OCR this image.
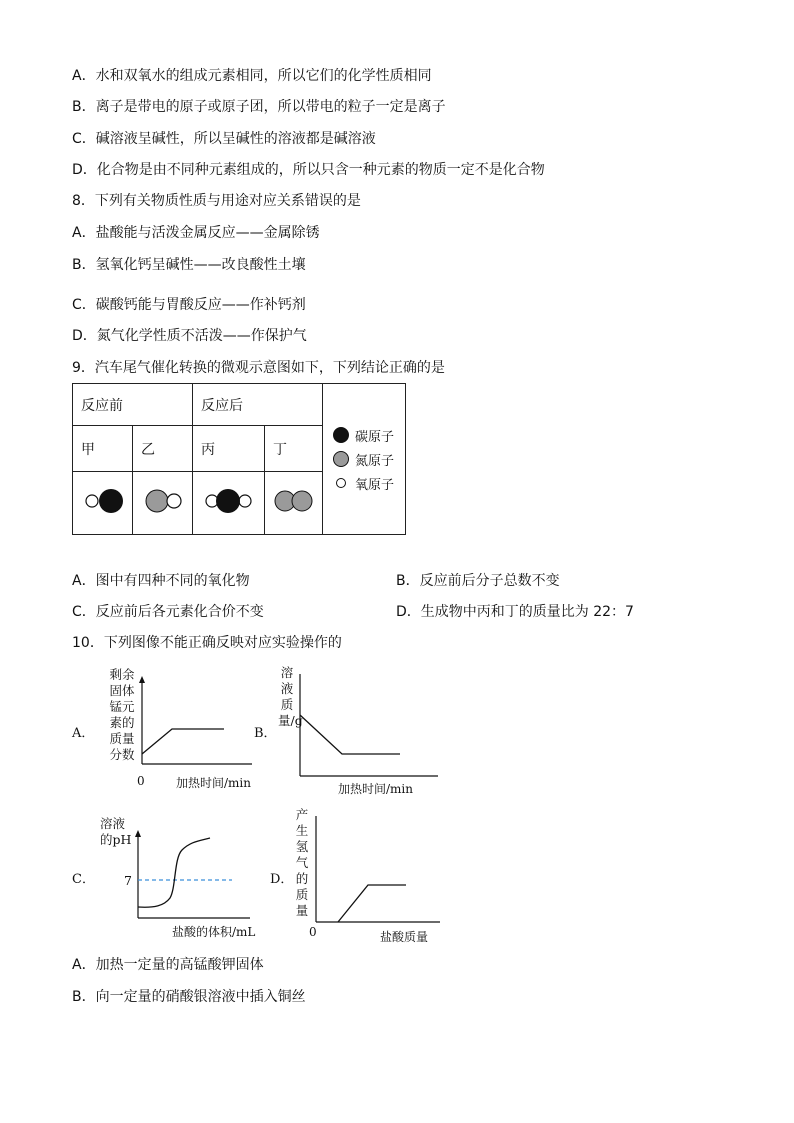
A．水和双氧水的组成元素相同，所以它们的化学性质相同
B．离子是带电的原子或原子团，所以带电的粒子一定是离子
C．碱溶液呈碱性，所以呈碱性的溶液都是碱溶液
D．化合物是由不同种元素组成的，所以只含一种元素的物质一定不是化合物
8．下列有关物质性质与用途对应关系错误的是
A．盐酸能与活泼金属反应——金属除锈
B．氢氧化钙呈碱性——改良酸性土壤
C．碳酸钙能与胃酸反应——作补钙剂
D．氮气化学性质不活泼——作保护气
9．汽车尾气催化转换的微观示意图如下，下列结论正确的是
反应前		反应后		碳原子
氮原子
氧原子

甲	乙	丙	丁	

A．图中有四种不同的氧化物	B．反应前后分子总数不变
C．反应前后各元素化合价不变	D．生成物中丙和丁的质量比为 22：7
10．下列图像不能正确反映对应实验操作的
A．
剩余固体锰元素的质量分数
0	加热时间/min
B．
溶液质量/g
加热时间/min
C．
溶液的pH
7
盐酸的体积/mL
D．
产生氢气的质量
0	盐酸质量
A．加热一定量的高锰酸钾固体
B．向一定量的硝酸银溶液中插入铜丝
